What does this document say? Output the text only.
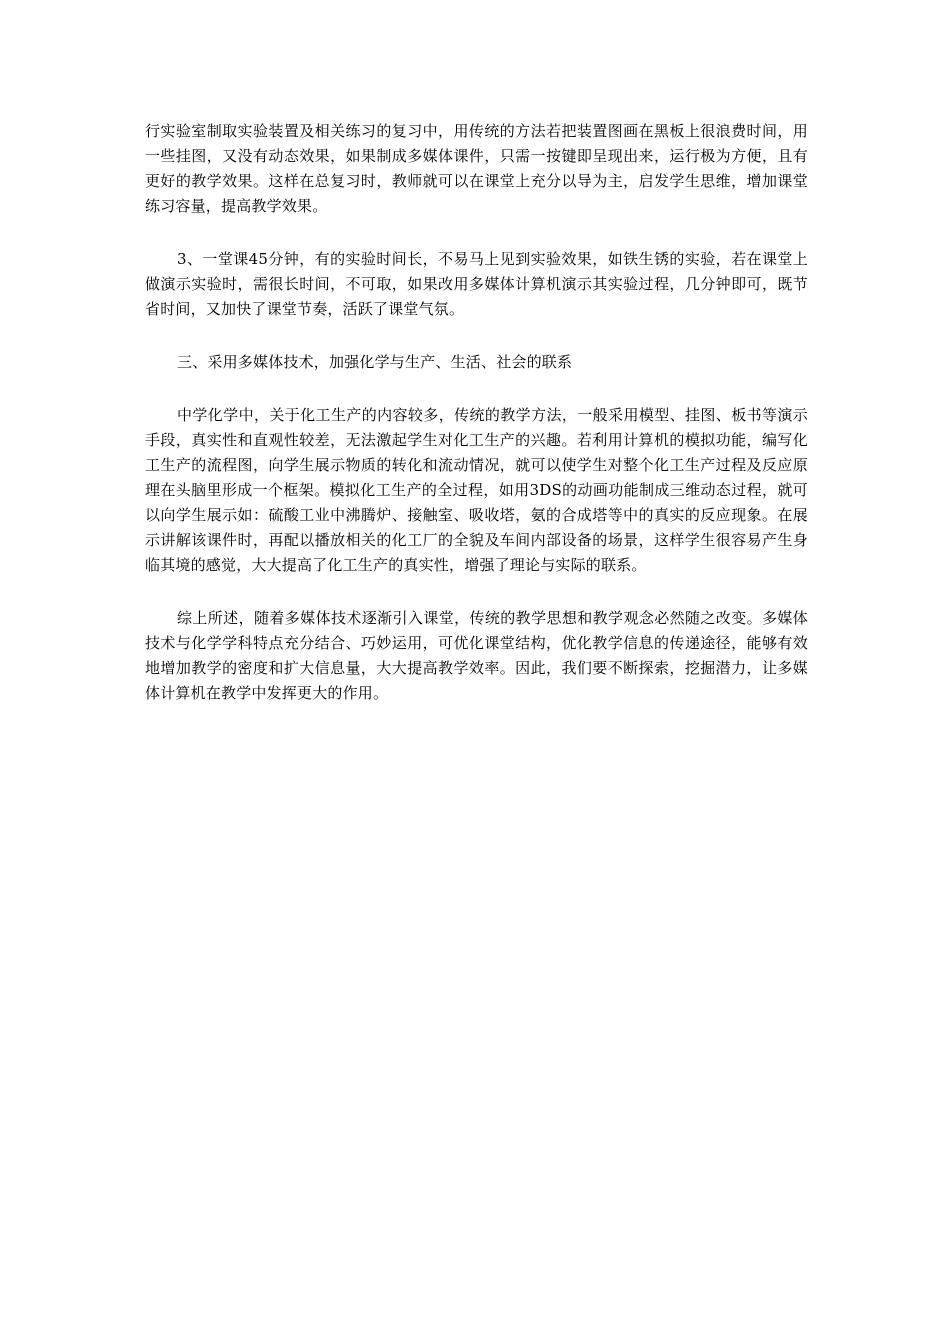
行实验室制取实验装置及相关练习的复习中，用传统的方法若把装置图画在黑板上很浪费时间，用一些挂图，又没有动态效果，如果制成多媒体课件，只需一按键即呈现出来，运行极为方便，且有更好的教学效果。这样在总复习时，教师就可以在课堂上充分以导为主，启发学生思维，增加课堂练习容量，提高教学效果。

3、一堂课45分钟，有的实验时间长，不易马上见到实验效果，如铁生锈的实验，若在课堂上做演示实验时，需很长时间，不可取，如果改用多媒体计算机演示其实验过程，几分钟即可，既节省时间，又加快了课堂节奏，活跃了课堂气氛。

三、采用多媒体技术，加强化学与生产、生活、社会的联系

中学化学中，关于化工生产的内容较多，传统的教学方法，一般采用模型、挂图、板书等演示手段，真实性和直观性较差，无法激起学生对化工生产的兴趣。若利用计算机的模拟功能，编写化工生产的流程图，向学生展示物质的转化和流动情况，就可以使学生对整个化工生产过程及反应原理在头脑里形成一个框架。模拟化工生产的全过程，如用3DS的动画功能制成三维动态过程，就可以向学生展示如：硫酸工业中沸腾炉、接触室、吸收塔，氨的合成塔等中的真实的反应现象。在展示讲解该课件时，再配以播放相关的化工厂的全貌及车间内部设备的场景，这样学生很容易产生身临其境的感觉，大大提高了化工生产的真实性，增强了理论与实际的联系。

综上所述，随着多媒体技术逐渐引入课堂，传统的教学思想和教学观念必然随之改变。多媒体技术与化学学科特点充分结合、巧妙运用，可优化课堂结构，优化教学信息的传递途径，能够有效地增加教学的密度和扩大信息量，大大提高教学效率。因此，我们要不断探索，挖掘潜力，让多媒体计算机在教学中发挥更大的作用。
